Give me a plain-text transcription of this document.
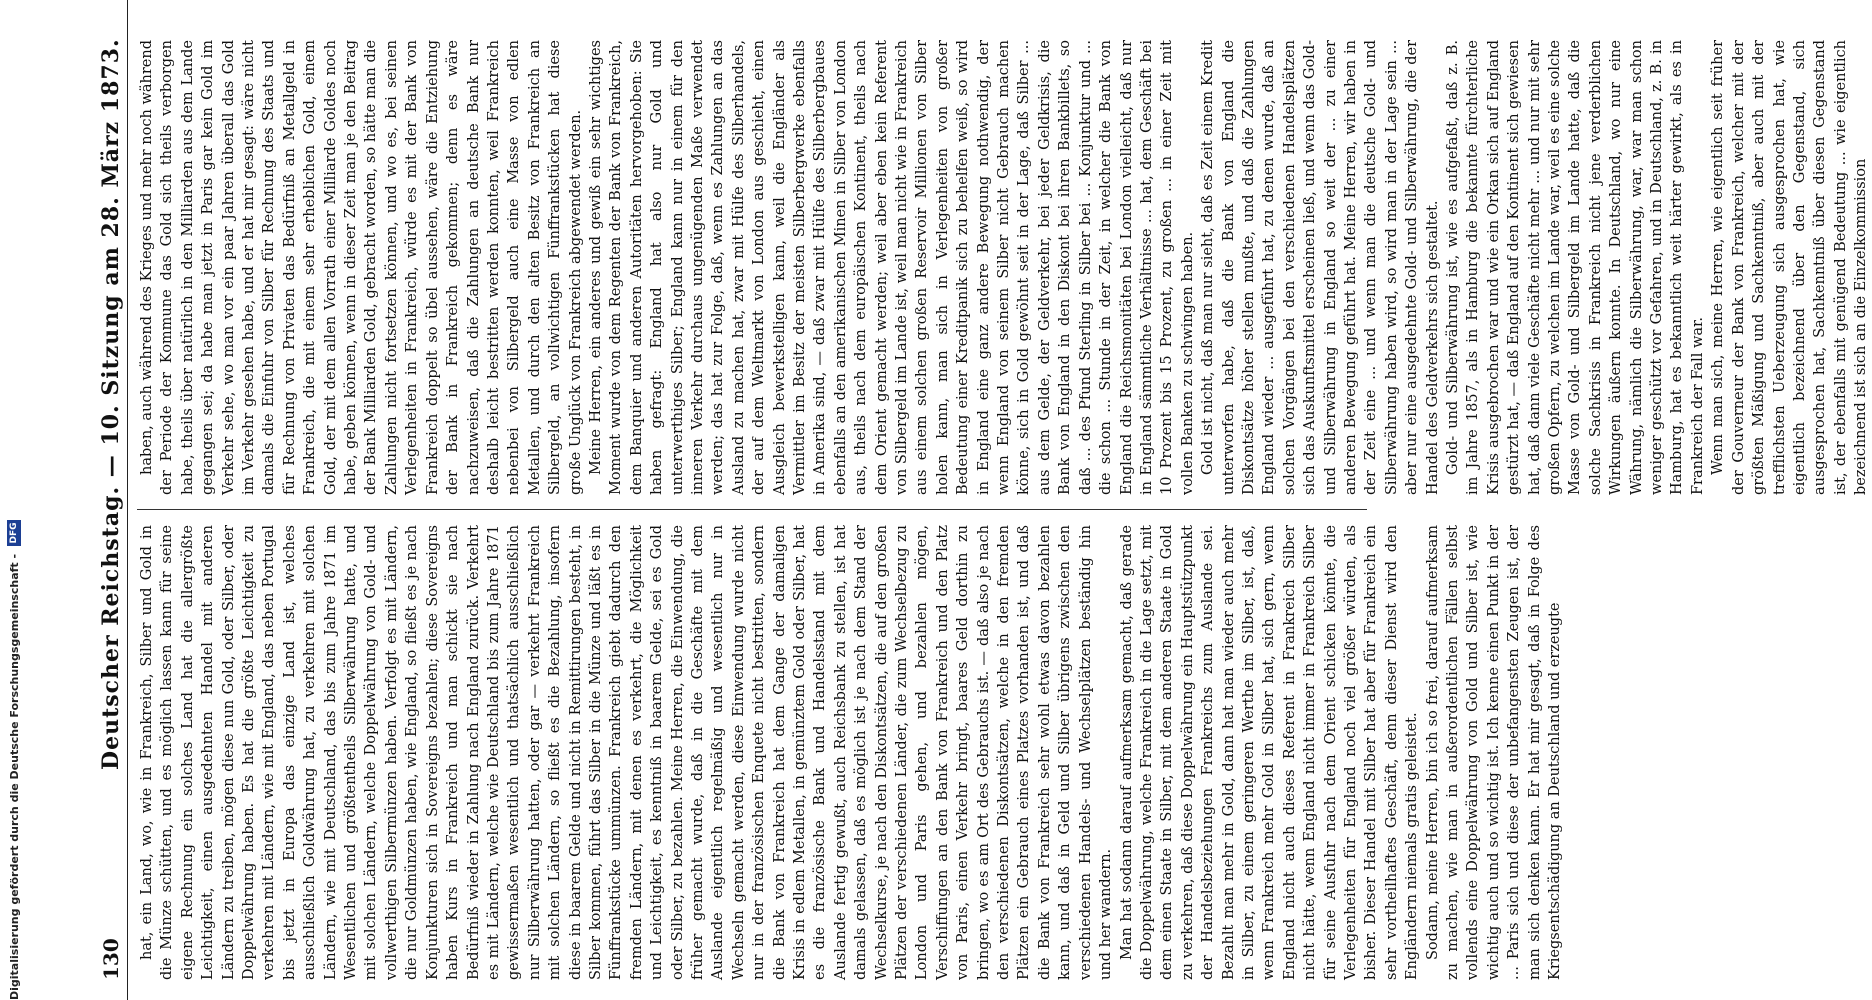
130
Deutscher Reichstag. — 10. Sitzung am 28. März 1873. hat, ein Land, wo, wie in Frankreich, Silber und Gold in die Münze schütten, und es möglich lassen kann für seine eigene Rechnung ein solches Land hat die allergrößte Leichtigkeit, einen ausgedehnten Handel mit anderen Ländern zu treiben, mögen diese nun Gold, oder Silber, oder Doppelwährung haben. Es hat die größte Leichtigkeit zu verkehren mit Ländern, wie mit England, das neben Portugal bis jetzt in Europa das einzige Land ist, welches ausschließlich Goldwährung hat, zu verkehren mit solchen Ländern, wie mit Deutschland, das bis zum Jahre 1871 im Wesentlichen und größtentheils Silberwährung hatte, und mit solchen Ländern, welche Doppelwährung von Gold- und vollwerthigen Silbermünzen haben. Verfolgt es mit Ländern, die nur Goldmünzen haben, wie England, so fließt es je nach Konjunkturen sich in Sovereigns bezahlen; diese Sovereigns haben Kurs in Frankreich und man schickt sie nach Bedürfniß wieder in Zahlung nach England zurück. Verkehrt es mit Ländern, welche wie Deutschland bis zum Jahre 1871 gewissermaßen wesentlich und thatsächlich ausschließlich nur Silberwährung hatten, oder gar — verkehrt Frankreich mit solchen Ländern, so fließt es die Bezahlung, insofern diese in baarem Gelde und nicht in Remittirungen besteht, in Silber kommen, führt das Silber in die Münze und läßt es in Fünffrankstücke ummünzen. Frankreich giebt dadurch den fremden Ländern, mit denen es verkehrt, die Möglichkeit und Leichtigkeit, es kenntniß in baarem Gelde, sei es Gold oder Silber, zu bezahlen. Meine Herren, die Einwendung, die früher gemacht wurde, daß in die Geschäfte mit dem Auslande eigentlich regelmäßig und wesentlich nur in Wechseln gemacht werden, diese Einwendung wurde nicht nur in der französischen Enquete nicht bestritten, sondern die Bank von Frankreich hat dem Gange der damaligen Krisis in edlem Metallen, in gemünztem Gold oder Silber, hat es die französische Bank und Handelsstand mit dem Auslande fertig gewußt, auch Reichsbank zu stellen, ist hat damals gelassen, daß es möglich ist je nach dem Stand der Wechselkurse, je nach den Diskontsätzen, die auf den großen Plätzen der verschiedenen Länder, die zum Wechselbezug zu London und Paris gehen, und bezahlen mögen, Verschiffungen an den Bank von Frankreich und den Platz von Paris, einen Verkehr bringt, baares Geld dorthin zu bringen, wo es am Ort des Gebrauchs ist. — daß also je nach den verschiedenen Diskontsätzen, welche in den fremden Plätzen ein Gebrauch eines Platzes vorhanden ist, und daß die Bank von Frankreich sehr wohl etwas davon bezahlen kann, und daß in Geld und Silber übrigens zwischen den verschiedenen Handels- und Wechselplätzen beständig hin und her wandern. Man hat sodann darauf aufmerksam gemacht, daß gerade die Doppelwährung, welche Frankreich in die Lage setzt, mit dem einen Staate in Silber, mit dem anderen Staate in Gold zu verkehren, daß diese Doppelwährung ein Hauptstützpunkt der Handelsbeziehungen Frankreichs zum Auslande sei. Bezahlt man mehr in Gold, dann hat man wieder auch mehr in Silber, zu einem geringeren Werthe im Silber, ist, daß, wenn Frankreich mehr Gold in Silber hat, sich gern, wenn England nicht auch dieses Referent in Frankreich Silber nicht hätte, wenn England nicht immer in Frankreich Silber für seine Ausfuhr nach dem Orient schicken könnte, die Verlegenheiten für England noch viel größer würden, als bisher. Dieser Handel mit Silber hat aber für Frankreich ein sehr vortheilhaftes Geschäft, denn dieser Dienst wird den Engländern niemals gratis geleistet. Sodann, meine Herren, bin ich so frei, darauf aufmerksam zu machen, wie man in außerordentlichen Fällen selbst vollends eine Doppelwährung von Gold und Silber ist, wie wichtig auch und so wichtig ist. Ich kenne einen Punkt in der ... Paris sich und diese der unbefangensten Zeugen ist, der man sich denken kann. Er hat mir gesagt, daß in Folge des Kriegsentschädigung an Deutschland und erzeugte

haben, auch während des Krieges und mehr noch während der Periode der Kommune das Gold sich theils verborgen habe, theils über natürlich in den Milliarden aus dem Lande gegangen sei; da habe man jetzt in Paris gar kein Gold im Verkehr sehe, wo man vor ein paar Jahren überall das Gold im Verkehr gesehen habe, und er hat mir gesagt: wäre nicht damals die Einfuhr von Silber für Rechnung des Staats und für Rechnung von Privaten das Bedürfniß an Metallgeld in Frankreich, die mit einem sehr erheblichen Gold, einem Gold, der mit dem allen Vorrath einer Milliarde Goldes noch habe, geben können, wenn in dieser Zeit man je den Beitrag der Bank Milliarden Gold, gebracht worden, so hätte man die Zahlungen nicht fortsetzen können, und wo es, bei seinen Verlegenheiten in Frankreich, würde es mit der Bank von Frankreich doppelt so übel aussehen, wäre die Entziehung der Bank in Frankreich gekommen; denn es wäre nachzuweisen, daß die Zahlungen an deutsche Bank nur deshalb leicht bestritten werden konnten, weil Frankreich nebenbei von Silbergeld auch eine Masse von edlen Metallen, und durch den alten Besitz von Frankreich an Silbergeld, an vollwichtigen Fünffrankstücken hat diese große Unglück von Frankreich abgewendet werden. Meine Herren, ein anderes und gewiß ein sehr wichtiges Moment wurde von dem Regenten der Bank von Frankreich, dem Banquier und anderen Autoritäten hervorgehoben: Sie haben gefragt: England hat also nur Gold und unterwerthiges Silber; England kann nur in einem für den inneren Verkehr durchaus ungenügenden Maße verwendet werden; das hat zur Folge, daß, wenn es Zahlungen an das Ausland zu machen hat, zwar mit Hülfe des Silberhandels, der auf dem Weltmarkt von London aus geschieht, einen Ausgleich bewerkstelligen kann, weil die Engländer als Vermittler im Besitz der meisten Silberbergwerke ebenfalls in Amerika sind, — daß zwar mit Hülfe des Silberbergbaues ebenfalls an den amerikanischen Minen in Silber von London aus, theils nach dem europäischen Kontinent, theils nach dem Orient gemacht werden; weil aber eben kein Referent von Silbergeld im Lande ist, weil man nicht wie in Frankreich aus einem solchen großen Reservoir Millionen von Silber holen kann, man sich in Verlegenheiten von großer Bedeutung einer Kreditpanik sich zu behelfen weiß, so wird in England eine ganz andere Bewegung nothwendig, der wenn England von seinem Silber nicht Gebrauch machen könne, sich in Gold gewöhnt seit in der Lage, daß Silber ... aus dem Gelde, der Geldverkehr, bei jeder Geldkrisis, die Bank von England in den Diskont bei ihren Bankbillets, so daß ... des Pfund Sterling in Silber bei ... Konjunktur und ... die schon ... Stunde in der Zeit, in welcher die Bank von England die Reichsmonitäten bei London vielleicht, daß nur in England sämmtliche Verhältnisse ... hat, dem Geschäft bei 10 Prozent bis 15 Prozent, zu großen ... in einer Zeit mit vollen Banken zu schwingen haben. Gold ist nicht, daß man nur sieht, daß es Zeit einem Kredit unterworfen habe, daß die Bank von England die Diskontsätze höher stellen mußte, und daß die Zahlungen England wieder ... ausgeführt hat, zu denen wurde, daß an solchen Vorgängen bei den verschiedenen Handelsplätzen sich das Auskunftsmittel erscheinen ließ, und wenn das Gold- und Silberwährung in England so weit der ... zu einer anderen Bewegung geführt hat. Meine Herren, wir haben in der Zeit eine ... und wenn man die deutsche Gold- und Silberwährung haben wird, so wird man in der Lage sein ... aber nur eine ausgedehnte Gold- und Silberwährung, die der Handel des Geldverkehrs sich gestaltet. Gold- und Silberwährung ist, wie es aufgefaßt, daß z. B. im Jahre 1857, als in Hamburg die bekannte fürchterliche Krisis ausgebrochen war und wie ein Orkan sich auf England gestürzt hat, — daß England auf den Kontinent sich gewiesen hat, daß dann viele Geschäfte nicht mehr ... und nur mit sehr großen Opfern, zu welchen im Lande war, weil es eine solche Masse von Gold- und Silbergeld im Lande hatte, daß die solche Sachkrisis in Frankreich nicht jene verderblichen Wirkungen äußern konnte. In Deutschland, wo nur eine Währung, nämlich die Silberwährung, war, war man schon weniger geschützt vor Gefahren, und in Deutschland, z. B. in Hamburg, hat es bekanntlich weit härter gewirkt, als es in Frankreich der Fall war. Wenn man sich, meine Herren, wie eigentlich seit früher der Gouverneur der Bank von Frankreich, welcher mit der größten Mäßigung und Sachkenntniß, aber auch mit der trefflichsten Ueberzeugung sich ausgesprochen hat, wie eigentlich bezeichnend über den Gegenstand, sich ausgesprochen hat, Sachkenntniß über diesen Gegenstand ist, der ebenfalls mit genügend Bedeutung ... wie eigentlich bezeichnend ist sich an die Einzelkommission

Digitalisierung gefördert durch die Deutsche Forschungsgemeinschaft -
DFG
